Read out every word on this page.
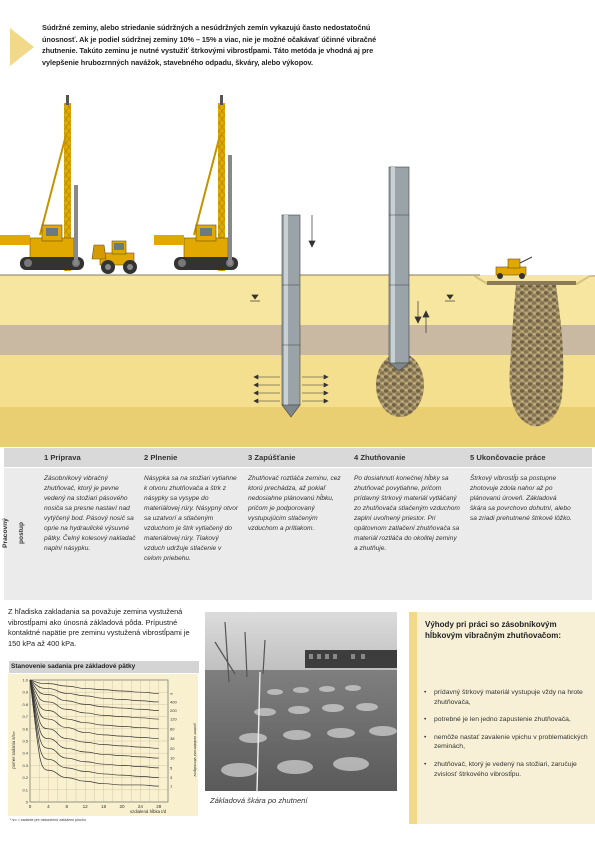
Súdržné zeminy, alebo striedanie súdržných a nesúdržných zemín vykazujú často nedostatočnú únosnosť. Ak je podiel súdržnej zeminy 10% – 15% a viac, nie je možné očakávať účinné vibračné zhutnenie. Takúto zeminu je nutné vystužiť štrkovými vibrostĺpami. Táto metóda je vhodná aj pre vylepšenie hrubozrnných navážok, stavebného odpadu, škváry, alebo výkopov.
Pracovný postup
1 Príprava
Zásobníkový vibračný zhutňovač, ktorý je pevne vedený na stožiari pásového nosiča sa presne nastaví nad vytýčený bod. Pásový nosič sa oprie na hydraulické výsuvné pätky. Čelný kolesový nakladač naplní násypku.
2 Plnenie
Násypka sa na stožiari vytiahne k otvoru zhutňovača a štrk z násypky sa vysype do materiálovej rúry. Násypný otvor sa uzatvorí a stlačeným vzduchom je štrk vytlačený do materiálovej rúry. Tlakový vzduch udržuje stlačenie v celom priebehu.
3 Zapúšťanie
Zhutňovač roztláča zeminu, cez ktorú prechádza, až pokiaľ nedosiahne plánovanú hĺbku, pričom je podporovaný vystupujúcim stlačeným vzduchom a prítlakom.
4 Zhutňovanie
Po dosiahnutí konečnej hĺbky sa zhutňovač povytiahne, pričom prídavný štrkový materiál vytláčaný zo zhutňovača stlačeným vzduchom zaplní uvoľnený priestor. Pri opätovnom zatlačení zhutňovača sa materiál roztláča do okolitej zeminy a zhutňuje.
5 Ukončovacie práce
Štrkový vibrostĺp sa postupne zhotovuje zdola nahor až po plánovanú úroveň. Základová škára sa povrchovo dohutní, alebo sa zriadi prehutnené štrkové lôžko.
Z hľadiska zakladania sa považuje zemina vystužená vibrostĺpami ako únosná základová pôda. Prípustné kontaktné napätie pre zeminu vystužená vibrostĺpami je 150 kPa až 400 kPa.
Stanovenie sadania pre základové pätky
0	4	8	12	16	20	24	28
1.0
0.9
0.8
0.7
0.6
0.5
0.4
0.3
0.2
0.1
0
∞
400
200
120
60
38
20
10
5
3
1
pomer sadania s/s∞	pomer vzdialenosť vibrostĺpov
vzdialená hĺbka t/d
* s∞ = sadanie pre nekonečnú zaťaženú plochu
Základová škára po zhutnení
Výhody pri práci so zásobníkovým hĺbkovým vibračným zhutňovačom:
• prídavný štrkový materiál vystupuje vždy na hrote zhutňovača,
• potrebné je len jedno zapustenie zhutňovača,
• nemôže nastať zavalenie vpichu v problematických zeminách,
• zhutňovač, ktorý je vedený na stožiari, zaručuje zvislosť štrkového vibrostĺpu.
